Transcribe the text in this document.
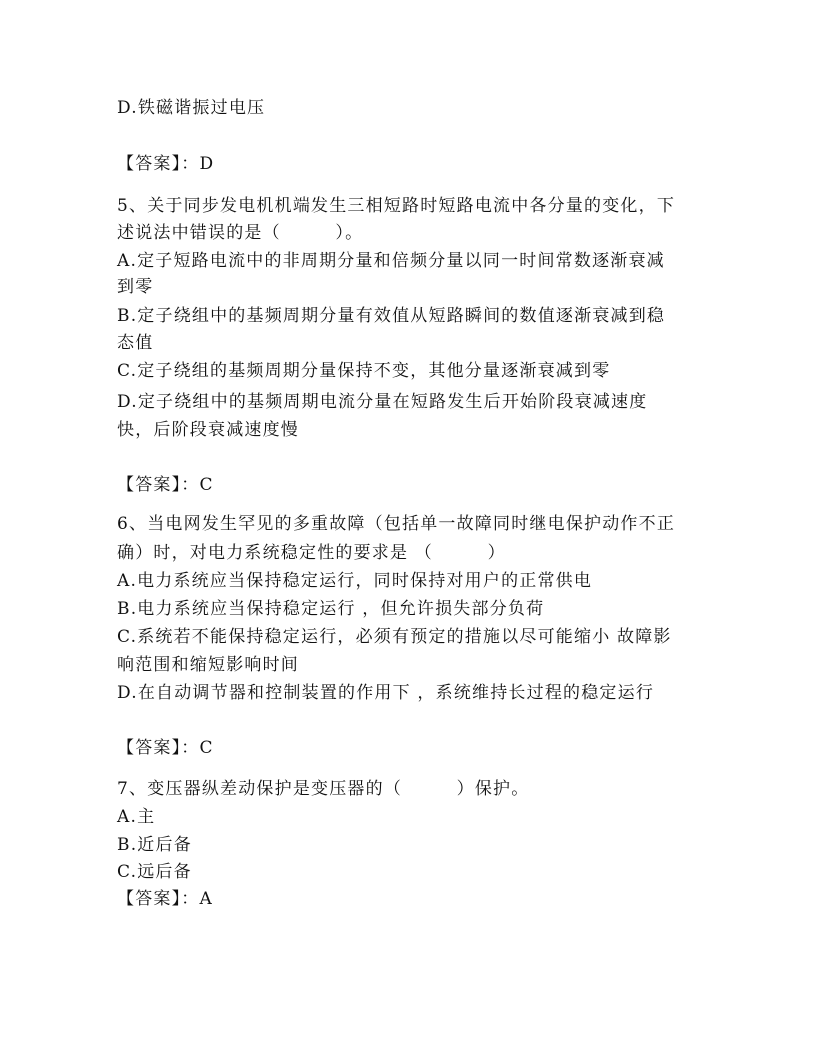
D.铁磁谐振过电压
【答案】：D
5、关于同步发电机机端发生三相短路时短路电流中各分量的变化，下
述说法中错误的是（　　　）。
A.定子短路电流中的非周期分量和倍频分量以同一时间常数逐渐衰减
到零
B.定子绕组中的基频周期分量有效值从短路瞬间的数值逐渐衰减到稳
态值
C.定子绕组的基频周期分量保持不变，其他分量逐渐衰减到零
D.定子绕组中的基频周期电流分量在短路发生后开始阶段衰减速度
快，后阶段衰减速度慢
【答案】：C
6、当电网发生罕见的多重故障（包括单一故障同时继电保护动作不正
确）时，对电力系统稳定性的要求是 （　　　）
A.电力系统应当保持稳定运行，同时保持对用户的正常供电
B.电力系统应当保持稳定运行 ，但允许损失部分负荷
C.系统若不能保持稳定运行，必须有预定的措施以尽可能缩小 故障影
响范围和缩短影响时间
D.在自动调节器和控制装置的作用下 ，系统维持长过程的稳定运行
【答案】：C
7、变压器纵差动保护是变压器的（　　　）保护。
A.主
B.近后备
C.远后备
【答案】：A
